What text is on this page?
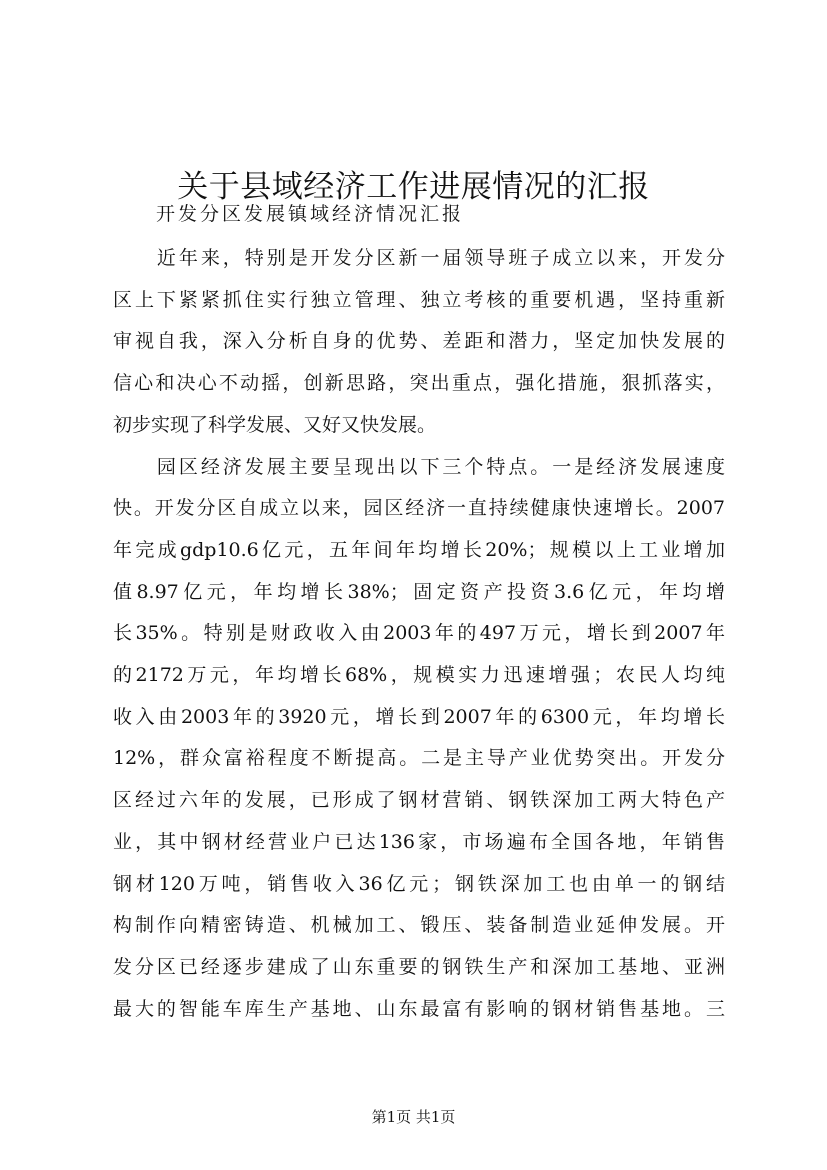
关于县域经济工作进展情况的汇报
开发分区发展镇域经济情况汇报

　　近年来，特别是开发分区新一届领导班子成立以来，开发分
区上下紧紧抓住实行独立管理、独立考核的重要机遇，坚持重新
审视自我，深入分析自身的优势、差距和潜力，坚定加快发展的
信心和决心不动摇，创新思路，突出重点，强化措施，狠抓落实，
初步实现了科学发展、又好又快发展。

　　园区经济发展主要呈现出以下三个特点。一是经济发展速度
快。开发分区自成立以来，园区经济一直持续健康快速增长。2007
年完成gdp10.6亿元，五年间年均增长20%；规模以上工业增加
值8.97亿元，年均增长38%；固定资产投资3.6亿元，年均增
长35%。特别是财政收入由2003年的497万元，增长到2007年
的2172万元，年均增长68%，规模实力迅速增强；农民人均纯
收入由2003年的3920元，增长到2007年的6300元，年均增长
12%，群众富裕程度不断提高。二是主导产业优势突出。开发分
区经过六年的发展，已形成了钢材营销、钢铁深加工两大特色产
业，其中钢材经营业户已达136家，市场遍布全国各地，年销售
钢材120万吨，销售收入36亿元；钢铁深加工也由单一的钢结
构制作向精密铸造、机械加工、锻压、装备制造业延伸发展。开
发分区已经逐步建成了山东重要的钢铁生产和深加工基地、亚洲
最大的智能车库生产基地、山东最富有影响的钢材销售基地。三

第1页 共1页
